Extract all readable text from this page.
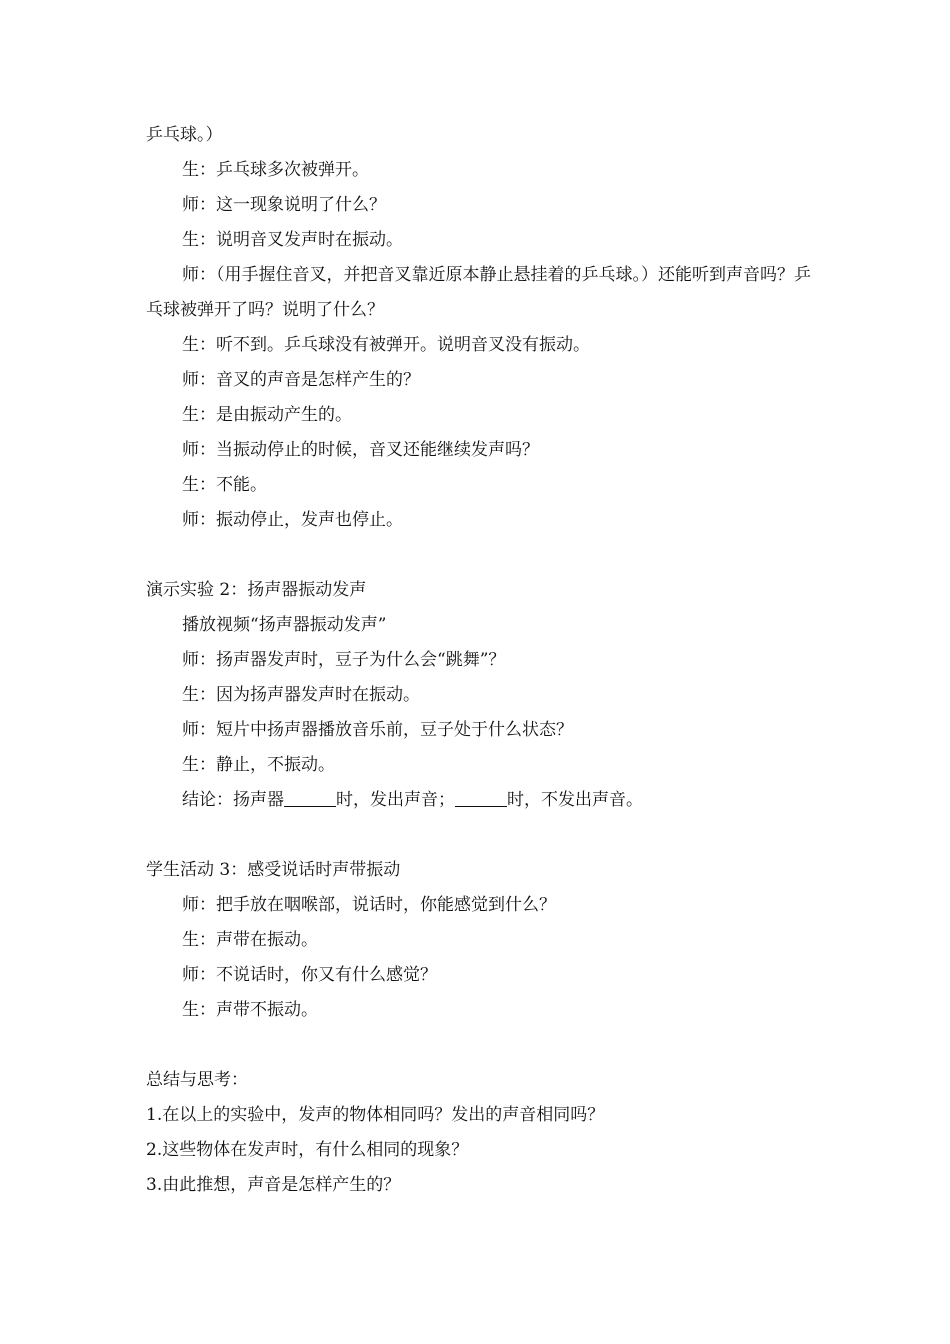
乒乓球。）
生：乒乓球多次被弹开。
师：这一现象说明了什么？
生：说明音叉发声时在振动。
师：（用手握住音叉，并把音叉靠近原本静止悬挂着的乒乓球。）还能听到声音吗？乒乓球被弹开了吗？说明了什么？
生：听不到。乒乓球没有被弹开。说明音叉没有振动。
师：音叉的声音是怎样产生的？
生：是由振动产生的。
师：当振动停止的时候，音叉还能继续发声吗？
生：不能。
师：振动停止，发声也停止。
演示实验 2：扬声器振动发声
播放视频“扬声器振动发声”
师：扬声器发声时，豆子为什么会“跳舞”？
生：因为扬声器发声时在振动。
师：短片中扬声器播放音乐前，豆子处于什么状态？
生：静止，不振动。
结论：扬声器	时，发出声音；	时，不发出声音。
学生活动 3：感受说话时声带振动
师：把手放在咽喉部，说话时，你能感觉到什么？
生：声带在振动。
师：不说话时，你又有什么感觉？
生：声带不振动。
总结与思考：
1.在以上的实验中，发声的物体相同吗？发出的声音相同吗？
2.这些物体在发声时，有什么相同的现象？
3.由此推想，声音是怎样产生的？
